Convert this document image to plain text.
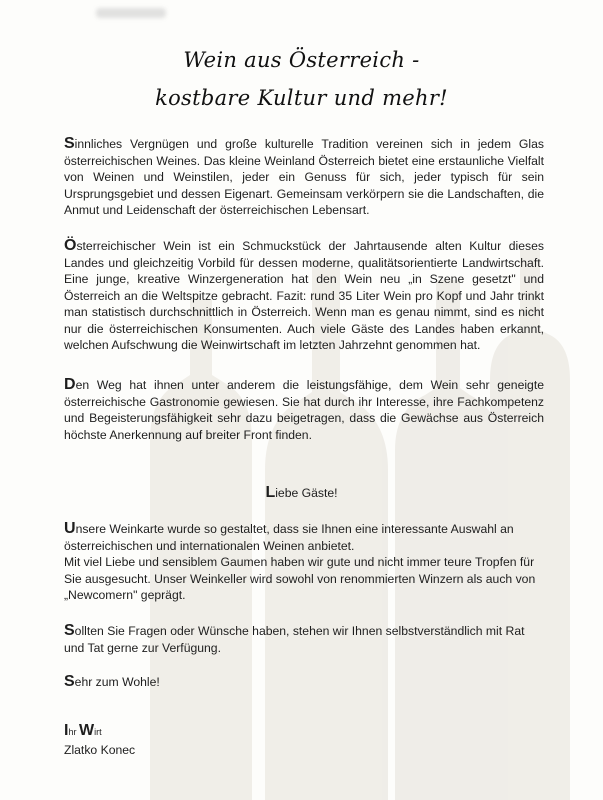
Wein aus Österreich -
kostbare Kultur und mehr!
Sinnliches Vergnügen und große kulturelle Tradition vereinen sich in jedem Glas österreichischen Weines. Das kleine Weinland Österreich bietet eine erstaunliche Vielfalt von Weinen und Weinstilen, jeder ein Genuss für sich, jeder typisch für sein Ursprungsgebiet und dessen Eigenart. Gemeinsam verkörpern sie die Landschaften, die Anmut und Leidenschaft der österreichischen Lebensart.
Österreichischer Wein ist ein Schmuckstück der Jahrtausende alten Kultur dieses Landes und gleichzeitig Vorbild für dessen moderne, qualitätsorientierte Landwirtschaft. Eine junge, kreative Winzergeneration hat den Wein neu „in Szene gesetzt" und Österreich an die Weltspitze gebracht. Fazit: rund 35 Liter Wein pro Kopf und Jahr trinkt man statistisch durchschnittlich in Österreich. Wenn man es genau nimmt, sind es nicht nur die österreichischen Konsumenten. Auch viele Gäste des Landes haben erkannt, welchen Aufschwung die Weinwirtschaft im letzten Jahrzehnt genommen hat.
Den Weg hat ihnen unter anderem die leistungsfähige, dem Wein sehr geneigte österreichische Gastronomie gewiesen. Sie hat durch ihr Interesse, ihre Fachkompetenz und Begeisterungsfähigkeit sehr dazu beigetragen, dass die Gewächse aus Österreich höchste Anerkennung auf breiter Front finden.
Liebe Gäste!
Unsere Weinkarte wurde so gestaltet, dass sie Ihnen eine interessante Auswahl an österreichischen und internationalen Weinen anbietet.
Mit viel Liebe und sensiblem Gaumen haben wir gute und nicht immer teure Tropfen für Sie ausgesucht. Unser Weinkeller wird sowohl von renommierten Winzern als auch von „Newcomern" geprägt.
Sollten Sie Fragen oder Wünsche haben, stehen wir Ihnen selbstverständlich mit Rat und Tat gerne zur Verfügung.
Sehr zum Wohle!
Ihr Wirt
Zlatko Konec
